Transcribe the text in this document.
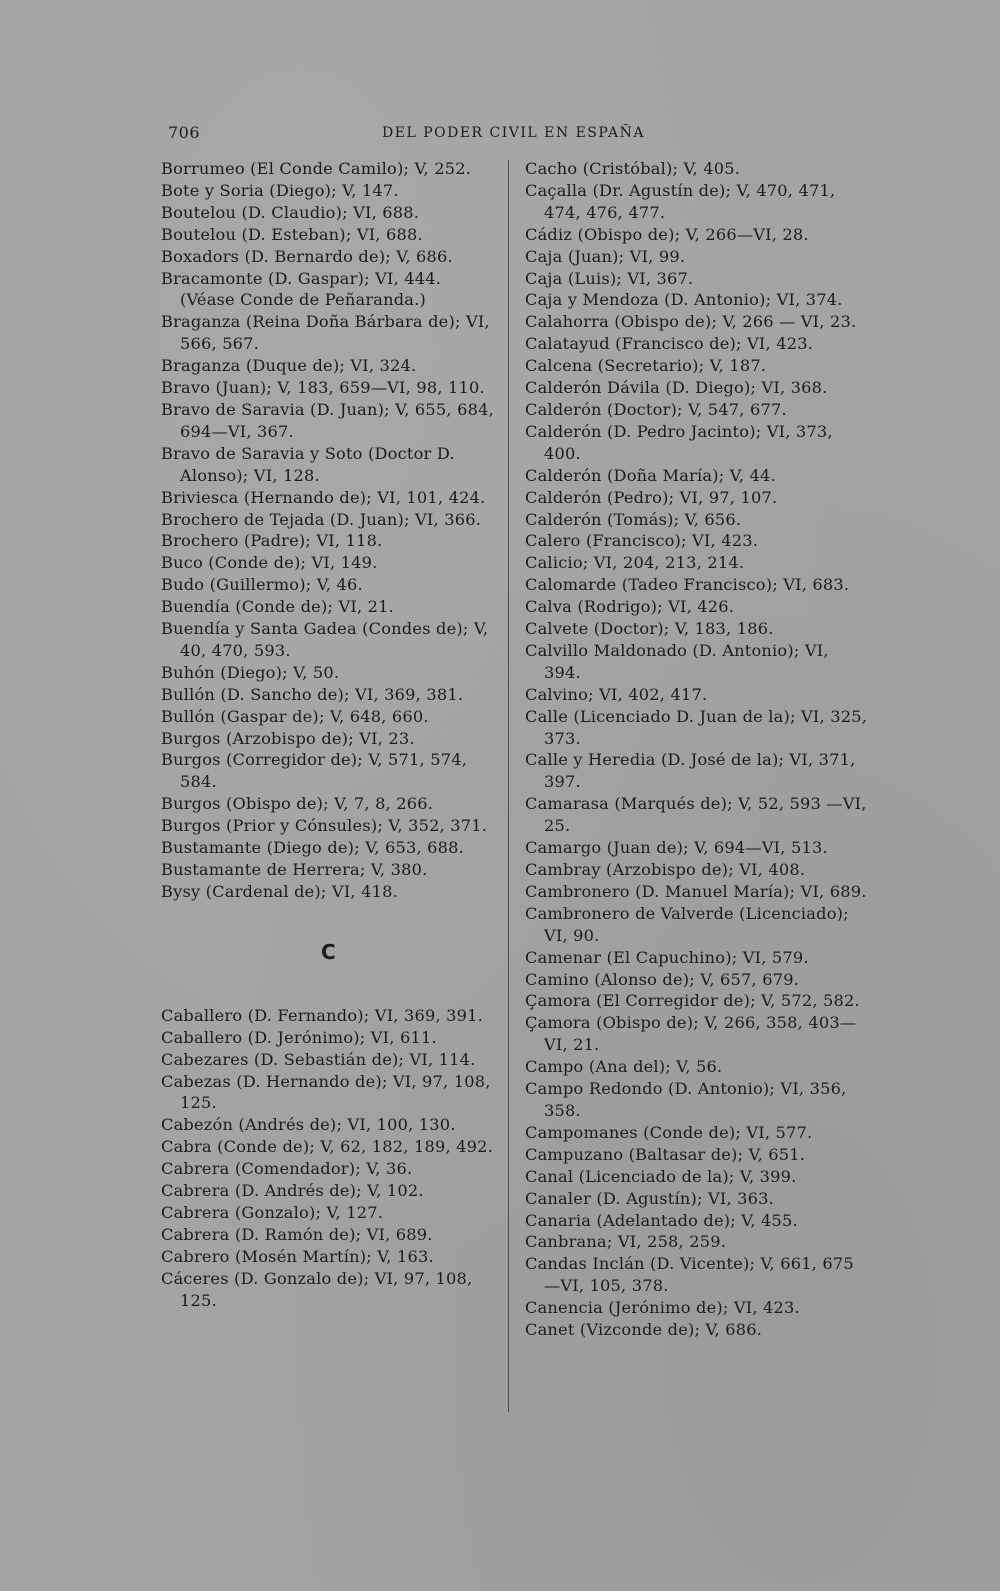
706	DEL PODER CIVIL EN ESPAÑA

Borrumeo (El Conde Camilo); V, 252.

Bote y Soria (Diego); V, 147.

Boutelou (D. Claudio); VI, 688.

Boutelou (D. Esteban); VI, 688.

Boxadors (D. Bernardo de); V, 686.

Bracamonte (D. Gaspar); VI, 444. (Véase Conde de Peñaranda.)

Braganza (Reina Doña Bárbara de); VI, 566, 567.

Braganza (Duque de); VI, 324.

Bravo (Juan); V, 183, 659—VI, 98, 110.

Bravo de Saravia (D. Juan); V, 655, 684, 694—VI, 367.

Bravo de Saravia y Soto (Doctor D. Alonso); VI, 128.

Briviesca (Hernando de); VI, 101, 424.

Brochero de Tejada (D. Juan); VI, 366.

Brochero (Padre); VI, 118.

Buco (Conde de); VI, 149.

Budo (Guillermo); V, 46.

Buendía (Conde de); VI, 21.

Buendía y Santa Gadea (Condes de); V, 40, 470, 593.

Buhón (Diego); V, 50.

Bullón (D. Sancho de); VI, 369, 381.

Bullón (Gaspar de); V, 648, 660.

Burgos (Arzobispo de); VI, 23.

Burgos (Corregidor de); V, 571, 574, 584.

Burgos (Obispo de); V, 7, 8, 266.

Burgos (Prior y Cónsules); V, 352, 371.

Bustamante (Diego de); V, 653, 688.

Bustamante de Herrera; V, 380.

Bysy (Cardenal de); VI, 418.

C

Caballero (D. Fernando); VI, 369, 391.

Caballero (D. Jerónimo); VI, 611.

Cabezares (D. Sebastián de); VI, 114.

Cabezas (D. Hernando de); VI, 97, 108, 125.

Cabezón (Andrés de); VI, 100, 130.

Cabra (Conde de); V, 62, 182, 189, 492.

Cabrera (Comendador); V, 36.

Cabrera (D. Andrés de); V, 102.

Cabrera (Gonzalo); V, 127.

Cabrera (D. Ramón de); VI, 689.

Cabrero (Mosén Martín); V, 163.

Cáceres (D. Gonzalo de); VI, 97, 108, 125.

Cacho (Cristóbal); V, 405.

Caçalla (Dr. Agustín de); V, 470, 471, 474, 476, 477.

Cádiz (Obispo de); V, 266—VI, 28.

Caja (Juan); VI, 99.

Caja (Luis); VI, 367.

Caja y Mendoza (D. Antonio); VI, 374.

Calahorra (Obispo de); V, 266 — VI, 23.

Calatayud (Francisco de); VI, 423.

Calcena (Secretario); V, 187.

Calderón Dávila (D. Diego); VI, 368.

Calderón (Doctor); V, 547, 677.

Calderón (D. Pedro Jacinto); VI, 373, 400.

Calderón (Doña María); V, 44.

Calderón (Pedro); VI, 97, 107.

Calderón (Tomás); V, 656.

Calero (Francisco); VI, 423.

Calicio; VI, 204, 213, 214.

Calomarde (Tadeo Francisco); VI, 683.

Calva (Rodrigo); VI, 426.

Calvete (Doctor); V, 183, 186.

Calvillo Maldonado (D. Antonio); VI, 394.

Calvino; VI, 402, 417.

Calle (Licenciado D. Juan de la); VI, 325, 373.

Calle y Heredia (D. José de la); VI, 371, 397.

Camarasa (Marqués de); V, 52, 593 —VI, 25.

Camargo (Juan de); V, 694—VI, 513.

Cambray (Arzobispo de); VI, 408.

Cambronero (D. Manuel María); VI, 689.

Cambronero de Valverde (Licenciado); VI, 90.

Camenar (El Capuchino); VI, 579.

Camino (Alonso de); V, 657, 679.

Çamora (El Corregidor de); V, 572, 582.

Çamora (Obispo de); V, 266, 358, 403—VI, 21.

Campo (Ana del); V, 56.

Campo Redondo (D. Antonio); VI, 356, 358.

Campomanes (Conde de); VI, 577.

Campuzano (Baltasar de); V, 651.

Canal (Licenciado de la); V, 399.

Canaler (D. Agustín); VI, 363.

Canaria (Adelantado de); V, 455.

Canbrana; VI, 258, 259.

Candas Inclán (D. Vicente); V, 661, 675—VI, 105, 378.

Canencia (Jerónimo de); VI, 423.

Canet (Vizconde de); V, 686.
